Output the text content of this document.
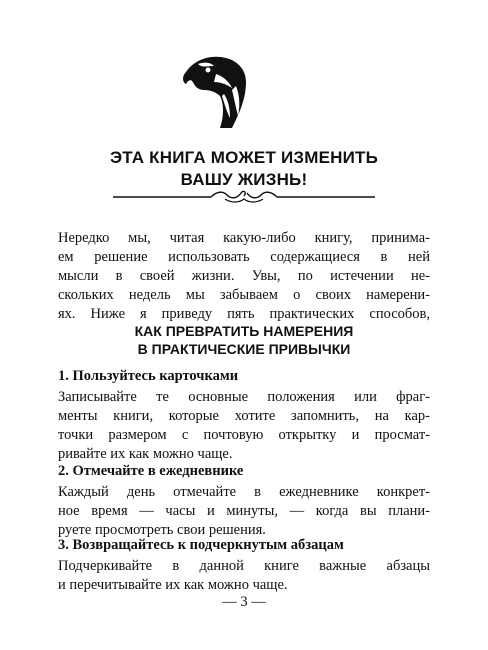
ЭТА КНИГА МОЖЕТ ИЗМЕНИТЬ
ВАШУ ЖИЗНЬ!
Нередко мы, читая какую-либо книгу, принима-
ем решение использовать содержащиеся в ней
мысли в своей жизни. Увы, по истечении не-
скольких недель мы забываем о своих намерени-
ях. Ниже я приведу пять практических способов,
КАК ПРЕВРАТИТЬ НАМЕРЕНИЯ
В ПРАКТИЧЕСКИЕ ПРИВЫЧКИ
1. Пользуйтесь карточками
Записывайте те основные положения или фраг-
менты книги, которые хотите запомнить, на кар-
точки размером с почтовую открытку и просмат-
ривайте их как можно чаще.
2. Отмечайте в ежедневнике
Каждый день отмечайте в ежедневнике конкрет-
ное время — часы и минуты, — когда вы плани-
руете просмотреть свои решения.
3. Возвращайтесь к подчеркнутым абзацам
Подчеркивайте в данной книге важные абзацы
и перечитывайте их как можно чаще.
— 3 —
